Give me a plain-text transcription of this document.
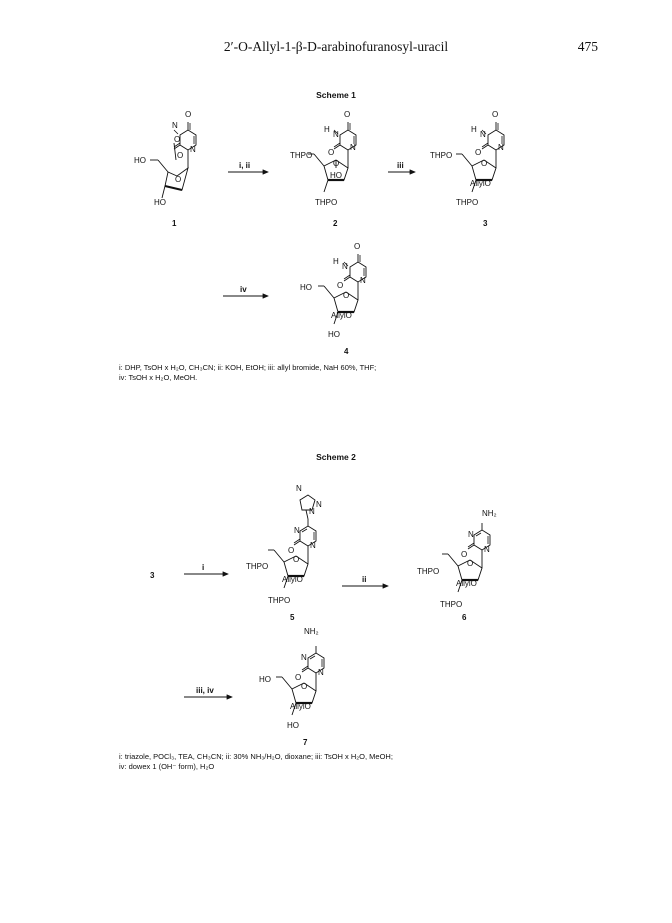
2′-O-Allyl-1-β-D-arabinofuranosyl-uracil	475
Scheme 1
Scheme 2
O
N
O
N
O
O
HO
HO
1
i, ii
O
H
N
O
N
O
HO
THPO
THPO
2
iii
O
H
N
O
N
O
AllylO
THPO
THPO
3
iv
O
H
N
O
N
O
AllylO
HO
HO
4
3
i
N
N
N
N
O
N
O
AllylO
THPO
THPO
5
ii
NH₂
N
O
N
O
AllylO
THPO
THPO
6
iii, iv
NH₂
N
O
N
O
AllylO
HO
HO
7
i: DHP, TsOH x H₂O, CH₃CN; ii: KOH, EtOH; iii: allyl bromide, NaH 60%, THF;
iv: TsOH x H₂O, MeOH.
i: triazole, POCl₃, TEA, CH₃CN; ii: 30% NH₃/H₂O, dioxane; iii: TsOH x H₂O, MeOH;
iv: dowex 1 (OH⁻ form), H₂O
